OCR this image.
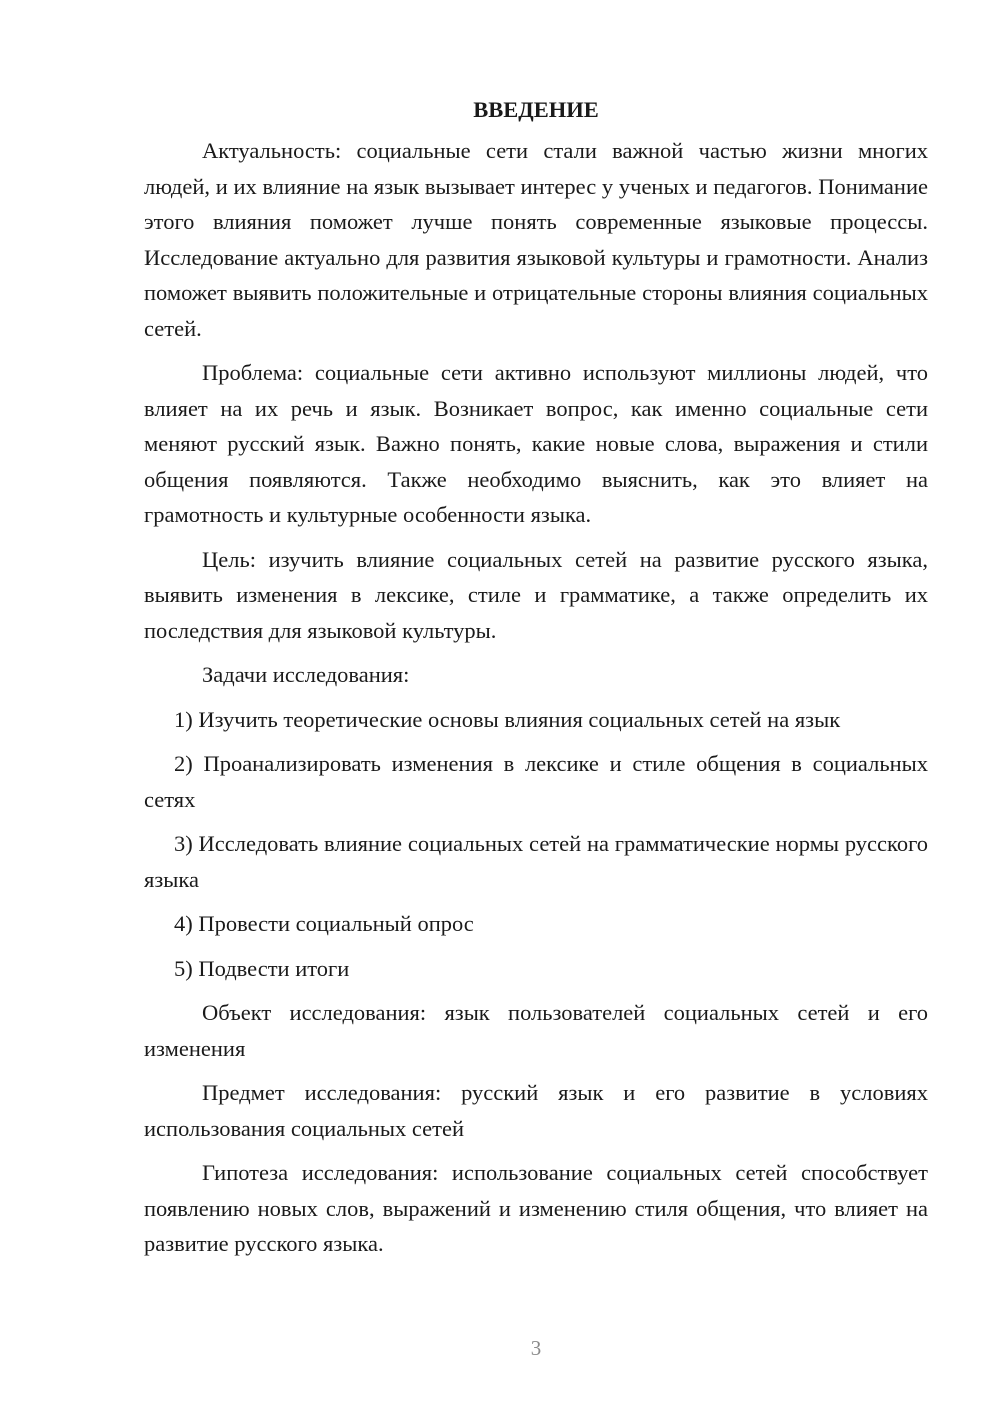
ВВЕДЕНИЕ

Актуальность: социальные сети стали важной частью жизни многих людей, и их влияние на язык вызывает интерес у ученых и педагогов. Понимание этого влияния поможет лучше понять современные языковые процессы. Исследование актуально для развития языковой культуры и грамотности. Анализ поможет выявить положительные и отрицательные стороны влияния социальных сетей.

Проблема: социальные сети активно используют миллионы людей, что влияет на их речь и язык. Возникает вопрос, как именно социальные сети меняют русский язык. Важно понять, какие новые слова, выражения и стили общения появляются. Также необходимо выяснить, как это влияет на грамотность и культурные особенности языка.

Цель: изучить влияние социальных сетей на развитие русского языка, выявить изменения в лексике, стиле и грамматике, а также определить их последствия для языковой культуры.

Задачи исследования:

1) Изучить теоретические основы влияния социальных сетей на язык

2) Проанализировать изменения в лексике и стиле общения в социальных сетях

3) Исследовать влияние социальных сетей на грамматические нормы русского языка

4) Провести социальный опрос

5) Подвести итоги

Объект исследования: язык пользователей социальных сетей и его изменения

Предмет исследования: русский язык и его развитие в условиях использования социальных сетей

Гипотеза исследования: использование социальных сетей способствует появлению новых слов, выражений и изменению стиля общения, что влияет на развитие русского языка.

3
